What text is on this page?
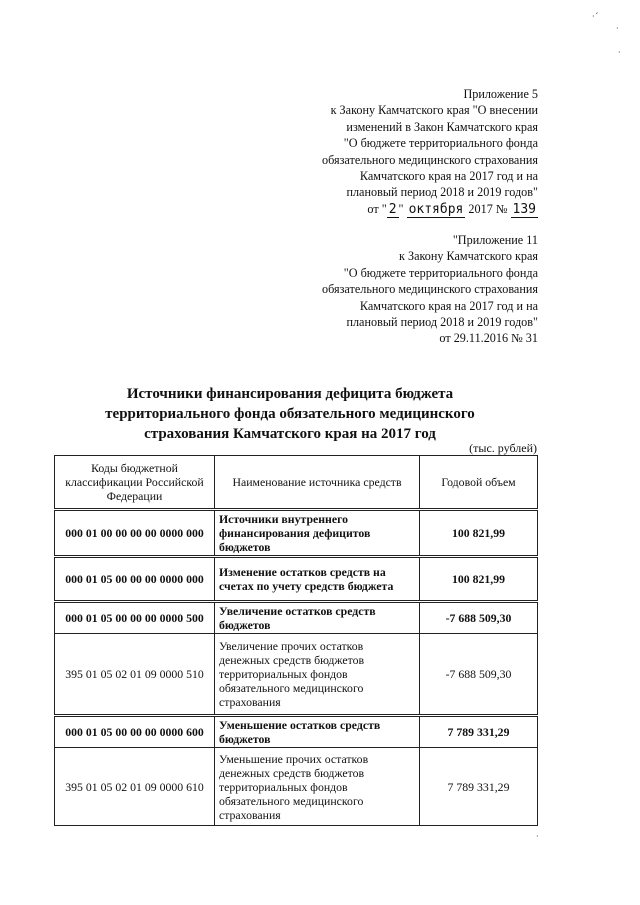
Приложение 5
к Закону Камчатского края "О внесении
изменений в Закон Камчатского края
"О бюджете территориального фонда
обязательного медицинского страхования
Камчатского края на 2017 год и на
плановый период 2018 и 2019 годов"
от " 2 " октября 2017 № 139
"Приложение 11
к Закону Камчатского края
"О бюджете территориального фонда
обязательного медицинского страхования
Камчатского края на 2017 год и на
плановый период 2018 и 2019 годов"
от 29.11.2016 № 31
Источники финансирования дефицита бюджета
территориального фонда обязательного медицинского
страхования Камчатского края на 2017 год
(тыс. рублей)
Коды бюджетной классификации Российской Федерации	Наименование источника средств	Годовой объем
000 01 00 00 00 00 0000 000	Источники внутреннего финансирования дефицитов бюджетов	100 821,99
000 01 05 00 00 00 0000 000	Изменение остатков средств на счетах по учету средств бюджета	100 821,99
000 01 05 00 00 00 0000 500	Увеличение остатков средств бюджетов	-7 688 509,30
395 01 05 02 01 09 0000 510	Увеличение прочих остатков денежных средств бюджетов территориальных фондов обязательного медицинского страхования	-7 688 509,30
000 01 05 00 00 00 0000 600	Уменьшение остатков средств бюджетов	7 789 331,29
395 01 05 02 01 09 0000 610	Уменьшение прочих остатков денежных средств бюджетов территориальных фондов обязательного медицинского страхования	7 789 331,29
·ˊ
·
·
·
